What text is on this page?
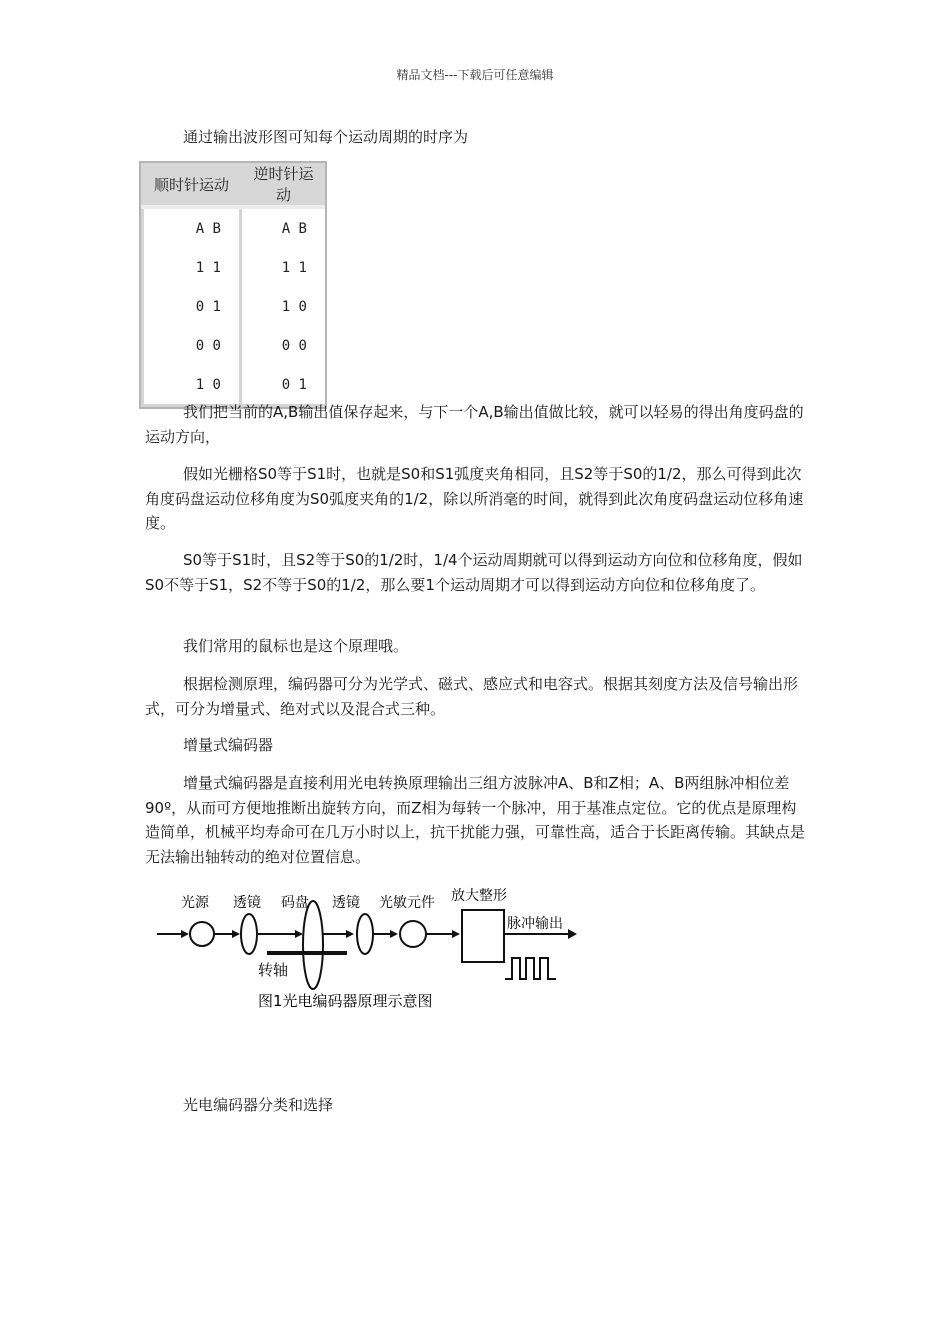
精品文档---下载后可任意编辑

通过输出波形图可知每个运动周期的时序为

顺时针运动	逆时针运动
A B	A B
1 1	1 1
0 1	1 0
0 0	0 0
1 0	0 1

我们把当前的A,B输出值保存起来，与下一个A,B输出值做比较，就可以轻易的得出角度码盘的运动方向，

假如光栅格S0等于S1时，也就是S0和S1弧度夹角相同，且S2等于S0的1/2，那么可得到此次角度码盘运动位移角度为S0弧度夹角的1/2，除以所消毫的时间，就得到此次角度码盘运动位移角速度。

S0等于S1时，且S2等于S0的1/2时，1/4个运动周期就可以得到运动方向位和位移角度，假如S0不等于S1，S2不等于S0的1/2，那么要1个运动周期才可以得到运动方向位和位移角度了。

我们常用的鼠标也是这个原理哦。

根据检测原理，编码器可分为光学式、磁式、感应式和电容式。根据其刻度方法及信号输出形式，可分为增量式、绝对式以及混合式三种。

增量式编码器

增量式编码器是直接利用光电转换原理输出三组方波脉冲A、B和Z相；A、B两组脉冲相位差90º，从而可方便地推断出旋转方向，而Z相为每转一个脉冲，用于基准点定位。它的优点是原理构造简单，机械平均寿命可在几万小时以上，抗干扰能力强，可靠性高，适合于长距离传输。其缺点是无法输出轴转动的绝对位置信息。

光源 透镜 码盘 透镜 光敏元件 放大整形
脉冲输出
转轴
图1光电编码器原理示意图

光电编码器分类和选择
